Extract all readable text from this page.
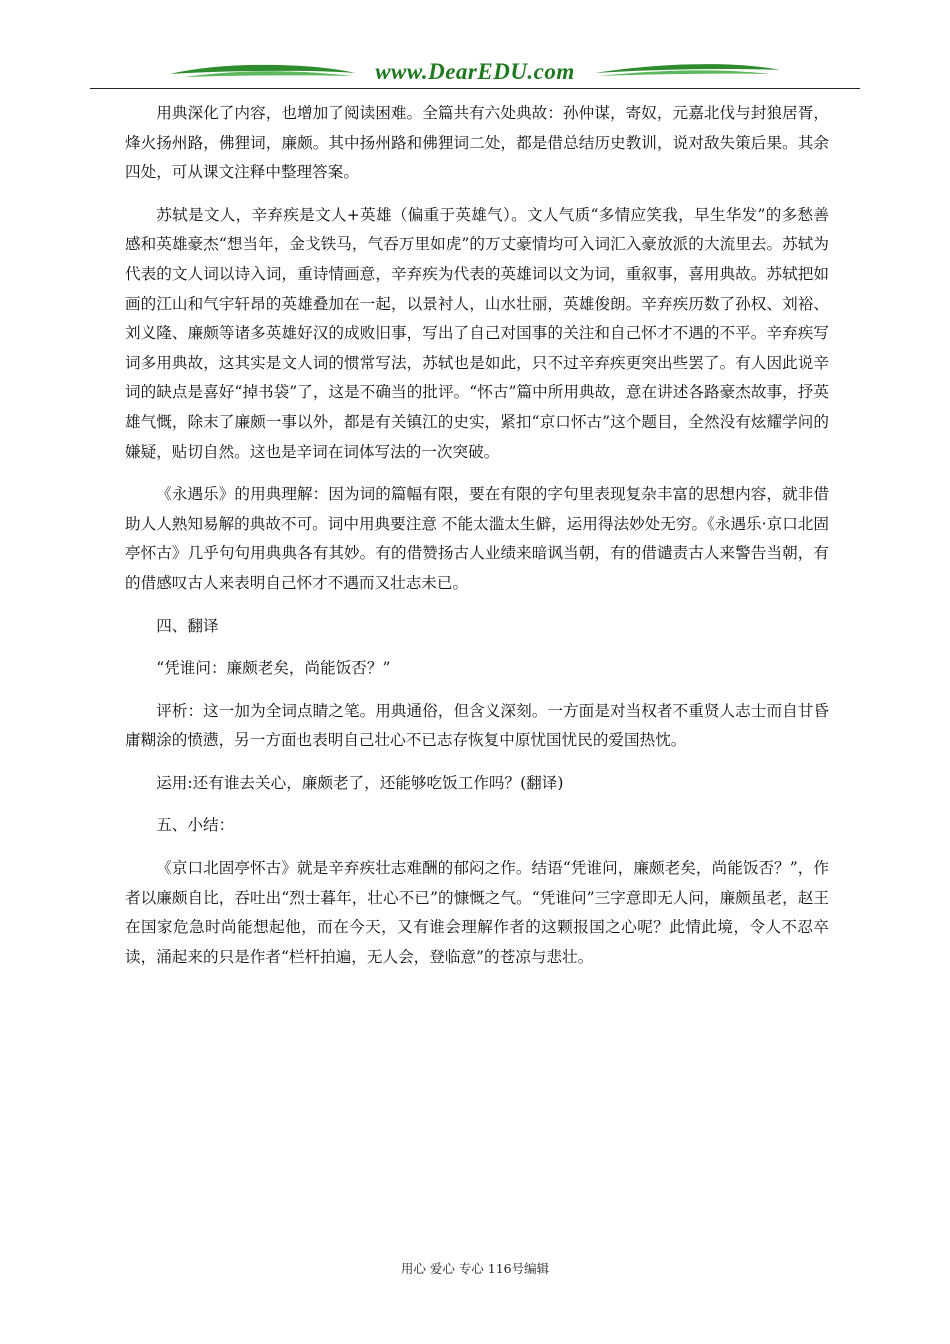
www.DearEDU.com

用典深化了内容，也增加了阅读困难。全篇共有六处典故：孙仲谋，寄奴，元嘉北伐与封狼居胥，烽火扬州路，佛狸词，廉颇。其中扬州路和佛狸词二处，都是借总结历史教训，说对敌失策后果。其余四处，可从课文注释中整理答案。

苏轼是文人，辛弃疾是文人+英雄（偏重于英雄气）。文人气质“多情应笑我，早生华发”的多愁善感和英雄豪杰“想当年，金戈铁马，气吞万里如虎”的万丈豪情均可入词汇入豪放派的大流里去。苏轼为代表的文人词以诗入词，重诗情画意，辛弃疾为代表的英雄词以文为词，重叙事，喜用典故。苏轼把如画的江山和气宇轩昂的英雄叠加在一起，以景衬人，山水壮丽，英雄俊朗。辛弃疾历数了孙权、刘裕、刘义隆、廉颇等诸多英雄好汉的成败旧事，写出了自己对国事的关注和自己怀才不遇的不平。辛弃疾写词多用典故，这其实是文人词的惯常写法，苏轼也是如此，只不过辛弃疾更突出些罢了。有人因此说辛词的缺点是喜好“掉书袋”了，这是不确当的批评。“怀古”篇中所用典故，意在讲述各路豪杰故事，抒英雄气慨，除末了廉颇一事以外，都是有关镇江的史实，紧扣“京口怀古”这个题目，全然没有炫耀学问的嫌疑，贴切自然。这也是辛词在词体写法的一次突破。

《永遇乐》的用典理解：因为词的篇幅有限，要在有限的字句里表现复杂丰富的思想内容，就非借助人人熟知易解的典故不可。词中用典要注意 不能太滥太生僻，运用得法妙处无穷。《永遇乐·京口北固亭怀古》几乎句句用典典各有其妙。有的借赞扬古人业绩来暗讽当朝，有的借谴责古人来警告当朝，有的借感叹古人来表明自己怀才不遇而又壮志未已。

四、翻译

“凭谁问：廉颇老矣，尚能饭否？”

评析：这一加为全词点睛之笔。用典通俗，但含义深刻。一方面是对当权者不重贤人志士而自甘昏庸糊涂的愤懑，另一方面也表明自己壮心不已志存恢复中原忧国忧民的爱国热忱。

运用:还有谁去关心，廉颇老了，还能够吃饭工作吗？(翻译)

五、小结：

《京口北固亭怀古》就是辛弃疾壮志难酬的郁闷之作。结语“凭谁问，廉颇老矣，尚能饭否？”，作者以廉颇自比，吞吐出“烈士暮年，壮心不已”的慷慨之气。“凭谁问”三字意即无人问，廉颇虽老，赵王在国家危急时尚能想起他，而在今天，又有谁会理解作者的这颗报国之心呢？此情此境，令人不忍卒读，涌起来的只是作者“栏杆拍遍，无人会，登临意”的苍凉与悲壮。

用心 爱心 专心 116号编辑
